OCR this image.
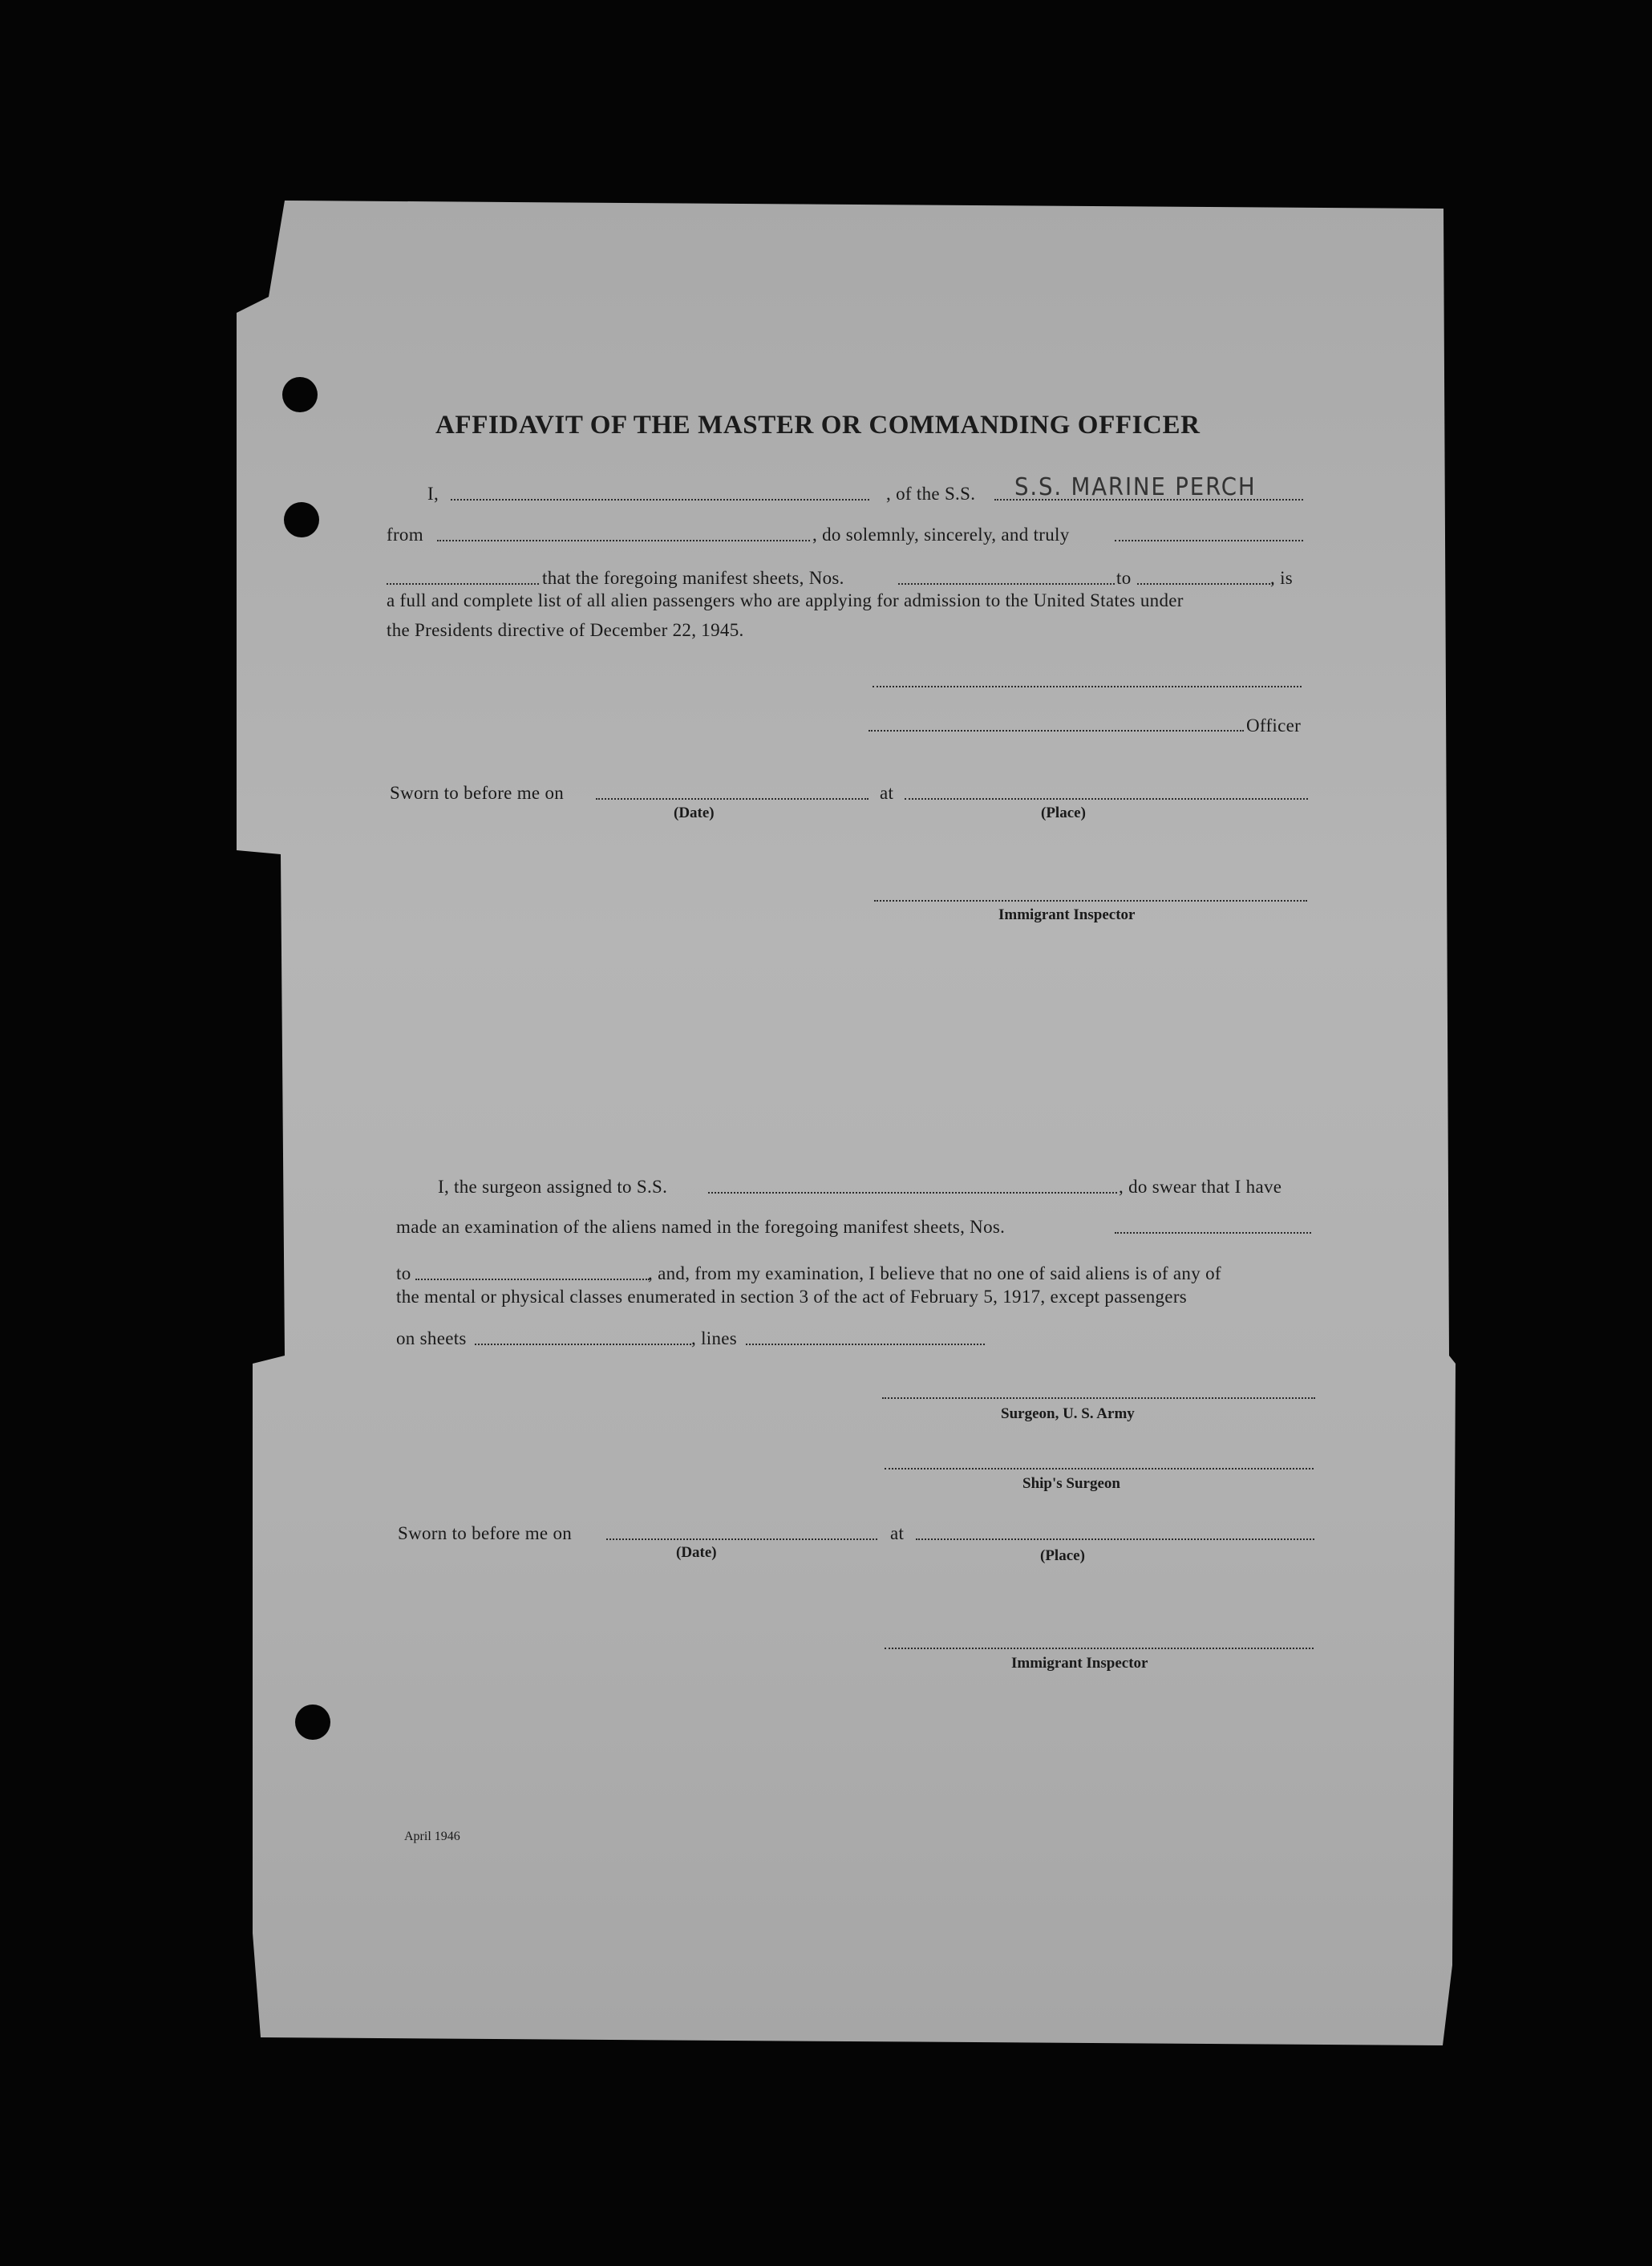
AFFIDAVIT OF THE MASTER OR COMMANDING OFFICER
I,	, of the S.S. S.S. MARINE PERCH
from	, do solemnly, sincerely, and truly
that the foregoing manifest sheets, Nos.	to	, is
a full and complete list of all alien passengers who are applying for admission to the United States under
the Presidents directive of December 22, 1945.
Officer
Sworn to before me on	at
(Date)	(Place)
Immigrant Inspector
I, the surgeon assigned to S.S.	, do swear that I have
made an examination of the aliens named in the foregoing manifest sheets, Nos.
to	, and, from my examination, I believe that no one of said aliens is of any of
the mental or physical classes enumerated in section 3 of the act of February 5, 1917, except passengers
on sheets	, lines
Surgeon, U. S. Army
Ship's Surgeon
Sworn to before me on	at
(Date)	(Place)
Immigrant Inspector
April 1946
